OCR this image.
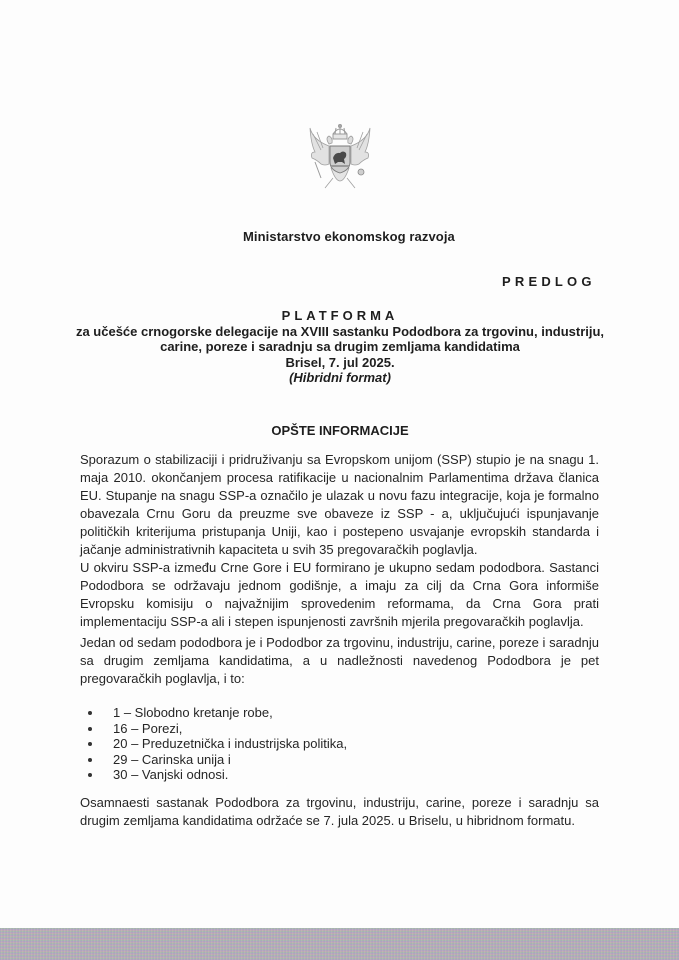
Ministarstvo ekonomskog razvoja
PREDLOG
PLATFORMA
za učešće crnogorske delegacije na XVIII sastanku Pododbora za trgovinu, industriju,
carine, poreze i saradnju sa drugim zemljama kandidatima
Brisel, 7. jul 2025.
(Hibridni format)
OPŠTE INFORMACIJE
Sporazum o stabilizaciji i pridruživanju sa Evropskom unijom (SSP) stupio je na snagu 1. maja 2010. okončanjem procesa ratifikacije u nacionalnim Parlamentima država članica EU. Stupanje na snagu SSP-a označilo je ulazak u novu fazu integracije, koja je formalno obavezala Crnu Goru da preuzme sve obaveze iz SSP - a, uključujući ispunjavanje političkih kriterijuma pristupanja Uniji, kao i postepeno usvajanje evropskih standarda i jačanje administrativnih kapaciteta u svih 35 pregovaračkih poglavlja.
U okviru SSP-a između Crne Gore i EU formirano je ukupno sedam pododbora. Sastanci Pododbora se održavaju jednom godišnje, a imaju za cilj da Crna Gora informiše Evropsku komisiju o najvažnijim sprovedenim reformama, da Crna Gora prati implementaciju SSP-a ali i stepen ispunjenosti završnih mjerila pregovaračkih poglavlja.
Jedan od sedam pododbora je i Pododbor za trgovinu, industriju, carine, poreze i saradnju sa drugim zemljama kandidatima, a u nadležnosti navedenog Pododbora je pet pregovaračkih poglavlja, i to:
1 – Slobodno kretanje robe,
16 – Porezi,
20 – Preduzetnička i industrijska politika,
29 – Carinska unija i
30 – Vanjski odnosi.
Osamnaesti sastanak Pododbora za trgovinu, industriju, carine, poreze i saradnju sa drugim zemljama kandidatima održaće se 7. jula 2025. u Briselu, u hibridnom formatu.
